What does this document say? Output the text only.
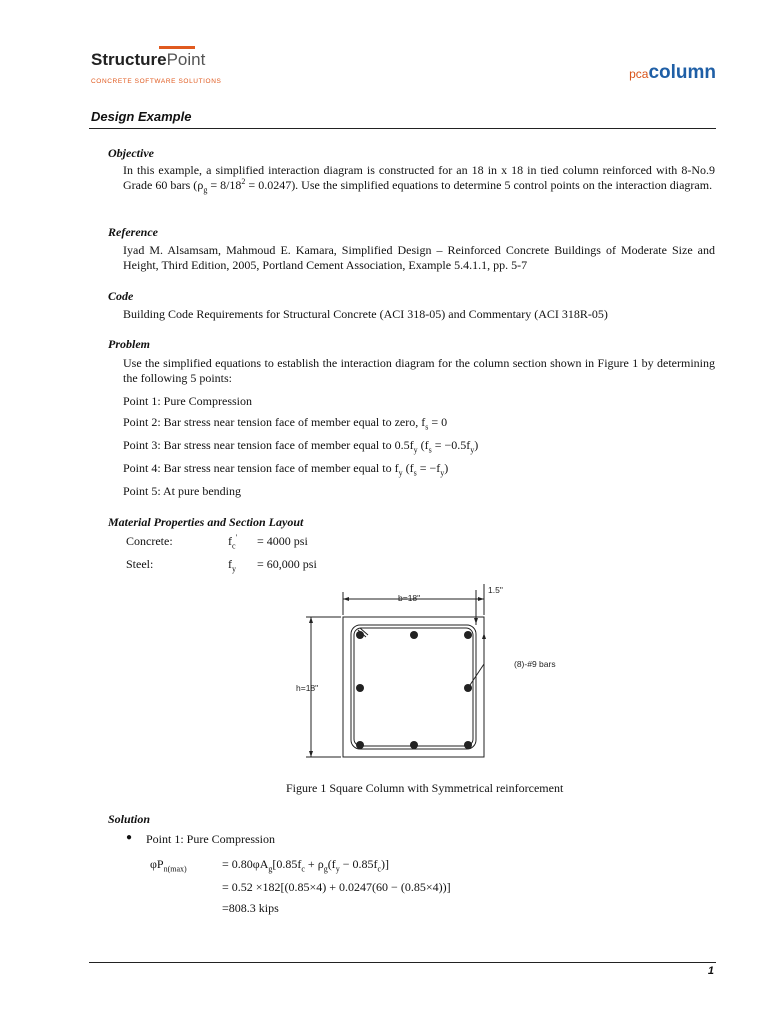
StructurePoint
CONCRETE SOFTWARE SOLUTIONS
pcacolumn
Design Example
Objective
In this example, a simplified interaction diagram is constructed for an 18 in x 18 in tied column reinforced with 8-No.9 Grade 60 bars $(\rho_g = 8/18^2 = 0.0247)$. Use the simplified equations to determine 5 control points on the interaction diagram.
Reference
Iyad M. Alsamsam, Mahmoud E. Kamara, Simplified Design – Reinforced Concrete Buildings of Moderate Size and Height, Third Edition, 2005, Portland Cement Association, Example 5.4.1.1, pp. 5-7
Code
Building Code Requirements for Structural Concrete (ACI 318-05) and Commentary (ACI 318R-05)
Problem
Use the simplified equations to establish the interaction diagram for the column section shown in Figure 1 by determining the following 5 points:
Point 1: Pure Compression
Point 2: Bar stress near tension face of member equal to zero, $f_s = 0$
Point 3: Bar stress near tension face of member equal to $0.5f_y$ $(f_s = -0.5f_y)$
Point 4: Bar stress near tension face of member equal to $f_y$ $(f_s = -f_y)$
Point 5: At pure bending
Material Properties and Section Layout
Concrete:	$f_c' = 4000$ psi
Steel:	$f_y = 60,000$ psi
b=18"
h=18"
1.5"
(8)-#9 bars
Figure 1 Square Column with Symmetrical reinforcement
Solution
● Point 1: Pure Compression
$\varphi P_{n(max)}$	= $0.80\varphi A_g[0.85f_c + \rho_g(f_y - 0.85f_c)]$
= 0.52 ×182[(0.85×4) + 0.0247(60 − (0.85×4))]
=808.3 kips
1
